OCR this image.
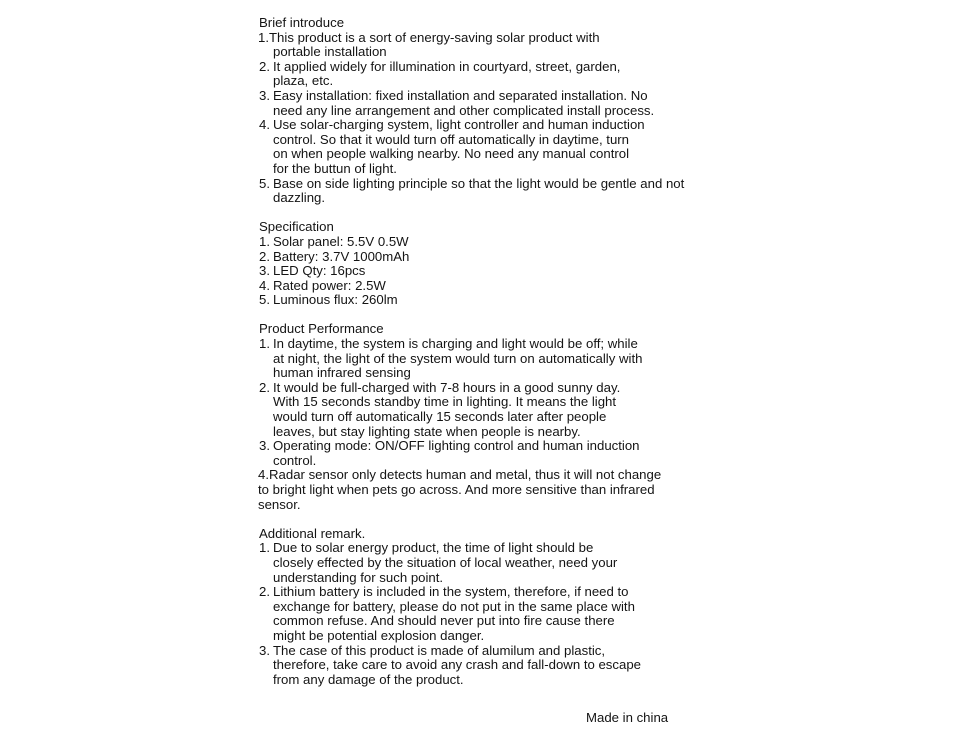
Brief introduce
1.This product is a sort of energy-saving solar product with
portable installation
2. It applied widely for illumination in courtyard, street, garden,
plaza, etc.
3. Easy installation: fixed installation and separated installation. No
need any line arrangement and other complicated install process.
4. Use solar-charging system, light controller and human induction
control. So that it would turn off automatically in daytime, turn
on when people walking nearby. No need any manual control
for the buttun of light.
5. Base on side lighting principle so that the light would be gentle and not
dazzling.
Specification
1. Solar panel: 5.5V 0.5W
2. Battery: 3.7V 1000mAh
3. LED Qty: 16pcs
4. Rated power: 2.5W
5. Luminous flux: 260lm
Product Performance
1. In daytime, the system is charging and light would be off; while
at night, the light of the system would turn on automatically with
human infrared sensing
2. It would be full-charged with 7-8 hours in a good sunny day.
With 15 seconds standby time in lighting. It means the light
would turn off automatically 15 seconds later after people
leaves, but stay lighting state when people is nearby.
3. Operating mode: ON/OFF lighting control and human induction
control.
4.Radar sensor only detects human and metal, thus it will not change
to bright light when pets go across. And more sensitive than infrared
sensor.
Additional remark.
1. Due to solar energy product, the time of light should be
closely effected by the situation of local weather, need your
understanding for such point.
2. Lithium battery is included in the system, therefore, if need to
exchange for battery, please do not put in the same place with
common refuse. And should never put into fire cause there
might be potential explosion danger.
3. The case of this product is made of alumilum and plastic,
therefore, take care to avoid any crash and fall-down to escape
from any damage of the product.
Made in china
